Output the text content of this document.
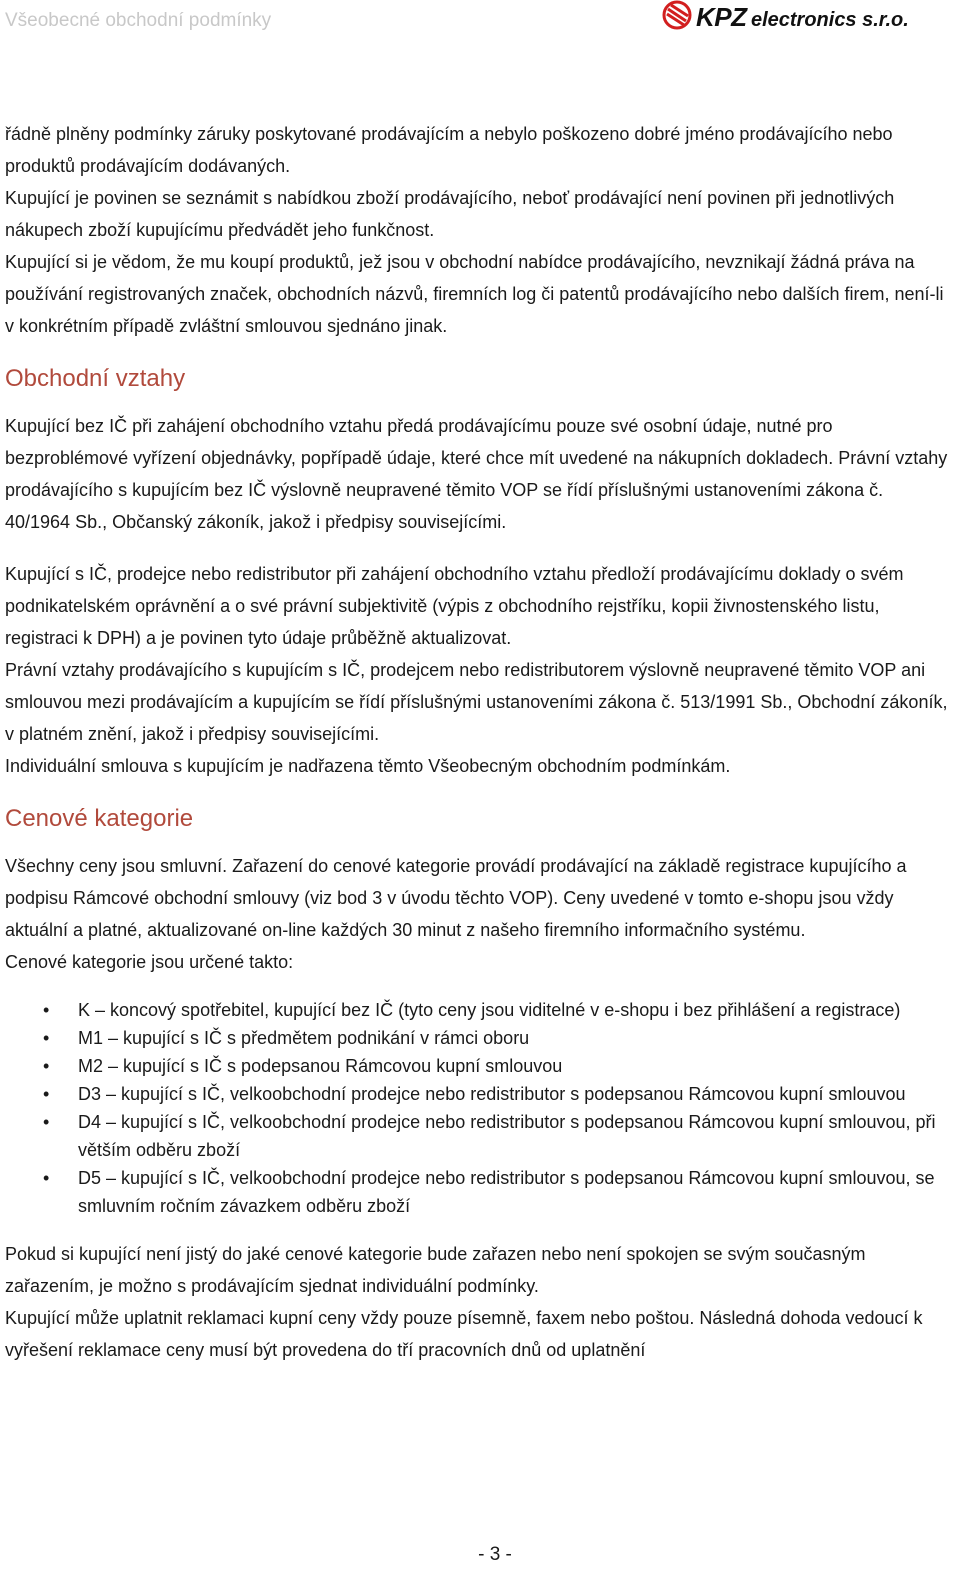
Všeobecné obchodní podmínky	KPZ electronics s.r.o.

řádně plněny podmínky záruky poskytované prodávajícím a nebylo poškozeno dobré jméno prodávajícího nebo produktů prodávajícím dodávaných.

Kupující je povinen se seznámit s nabídkou zboží prodávajícího, neboť prodávající není povinen při jednotlivých nákupech zboží kupujícímu předvádět jeho funkčnost.

Kupující si je vědom, že mu koupí produktů, jež jsou v obchodní nabídce prodávajícího, nevznikají žádná práva na používání registrovaných značek, obchodních názvů, firemních log či patentů prodávajícího nebo dalších firem, není-li v konkrétním případě zvláštní smlouvou sjednáno jinak.

Obchodní vztahy

Kupující bez IČ při zahájení obchodního vztahu předá prodávajícímu pouze své osobní údaje, nutné pro bezproblémové vyřízení objednávky, popřípadě údaje, které chce mít uvedené na nákupních dokladech. Právní vztahy prodávajícího s kupujícím bez IČ výslovně neupravené těmito VOP se řídí příslušnými ustanoveními zákona č. 40/1964 Sb., Občanský zákoník, jakož i předpisy souvisejícími.

Kupující s IČ, prodejce nebo redistributor při zahájení obchodního vztahu předloží prodávajícímu doklady o svém podnikatelském oprávnění a o své právní subjektivitě (výpis z obchodního rejstříku, kopii živnostenského listu, registraci k DPH) a je povinen tyto údaje průběžně aktualizovat.

Právní vztahy prodávajícího s kupujícím s IČ, prodejcem nebo redistributorem výslovně neupravené těmito VOP ani smlouvou mezi prodávajícím a kupujícím se řídí příslušnými ustanoveními zákona č. 513/1991 Sb., Obchodní zákoník, v platném znění, jakož i předpisy souvisejícími.

Individuální smlouva s kupujícím je nadřazena těmto Všeobecným obchodním podmínkám.

Cenové kategorie

Všechny ceny jsou smluvní. Zařazení do cenové kategorie provádí prodávající na základě registrace kupujícího a podpisu Rámcové obchodní smlouvy (viz bod 3 v úvodu těchto VOP). Ceny uvedené v tomto e-shopu jsou vždy aktuální a platné, aktualizované on-line každých 30 minut z našeho firemního informačního systému.

Cenové kategorie jsou určené takto:

• K – koncový spotřebitel, kupující bez IČ (tyto ceny jsou viditelné v e-shopu i bez přihlášení a registrace)
• M1 – kupující s IČ s předmětem podnikání v rámci oboru
• M2 – kupující s IČ s podepsanou Rámcovou kupní smlouvou
• D3 – kupující s IČ, velkoobchodní prodejce nebo redistributor s podepsanou Rámcovou kupní smlouvou
• D4 – kupující s IČ, velkoobchodní prodejce nebo redistributor s podepsanou Rámcovou kupní smlouvou, při větším odběru zboží
• D5 – kupující s IČ, velkoobchodní prodejce nebo redistributor s podepsanou Rámcovou kupní smlouvou, se smluvním ročním závazkem odběru zboží

Pokud si kupující není jistý do jaké cenové kategorie bude zařazen nebo není spokojen se svým současným zařazením, je možno s prodávajícím sjednat individuální podmínky.

Kupující může uplatnit reklamaci kupní ceny vždy pouze písemně, faxem nebo poštou. Následná dohoda vedoucí k vyřešení reklamace ceny musí být provedena do tří pracovních dnů od uplatnění

- 3 -
